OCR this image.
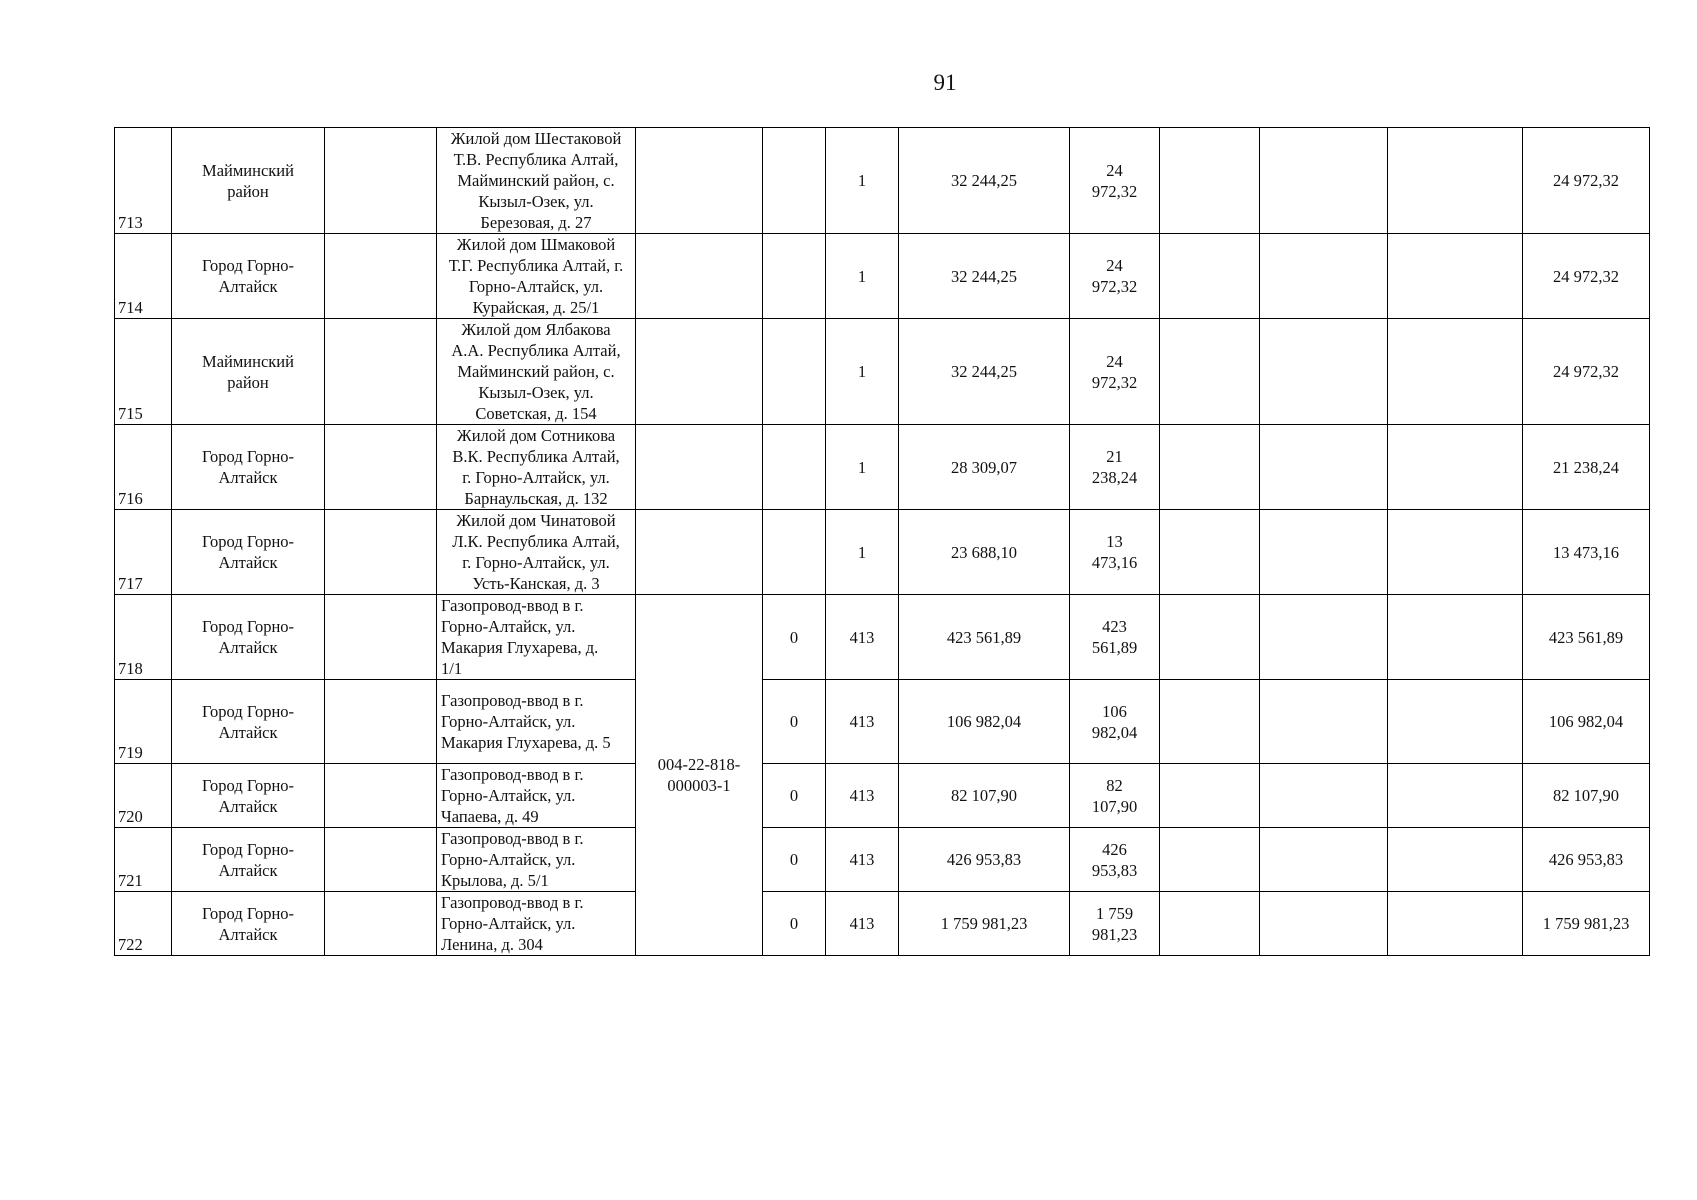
91
713	Майминский район		Жилой дом Шестаковой Т.В. Республика Алтай, Майминский район, с. Кызыл-Озек, ул. Березовая, д. 27			1	32 244,25	24 972,32				24 972,32
714	Город Горно-Алтайск		Жилой дом Шмаковой Т.Г. Республика Алтай, г. Горно-Алтайск, ул. Курайская, д. 25/1			1	32 244,25	24 972,32				24 972,32
715	Майминский район		Жилой дом Ялбакова А.А. Республика Алтай, Майминский район, с. Кызыл-Озек, ул. Советская, д. 154			1	32 244,25	24 972,32				24 972,32
716	Город Горно-Алтайск		Жилой дом Сотникова В.К. Республика Алтай, г. Горно-Алтайск, ул. Барнаульская, д. 132			1	28 309,07	21 238,24				21 238,24
717	Город Горно-Алтайск		Жилой дом Чинатовой Л.К. Республика Алтай, г. Горно-Алтайск, ул. Усть-Канская, д. 3			1	23 688,10	13 473,16				13 473,16
718	Город Горно-Алтайск		Газопровод-ввод в г. Горно-Алтайск, ул. Макария Глухарева, д. 1/1	004-22-818-000003-1	0	413	423 561,89	423 561,89				423 561,89
719	Город Горно-Алтайск		Газопровод-ввод в г. Горно-Алтайск, ул. Макария Глухарева, д. 5		0	413	106 982,04	106 982,04				106 982,04
720	Город Горно-Алтайск		Газопровод-ввод в г. Горно-Алтайск, ул. Чапаева, д. 49		0	413	82 107,90	82 107,90				82 107,90
721	Город Горно-Алтайск		Газопровод-ввод в г. Горно-Алтайск, ул. Крылова, д. 5/1		0	413	426 953,83	426 953,83				426 953,83
722	Город Горно-Алтайск		Газопровод-ввод в г. Горно-Алтайск, ул. Ленина, д. 304		0	413	1 759 981,23	1 759 981,23				1 759 981,23
